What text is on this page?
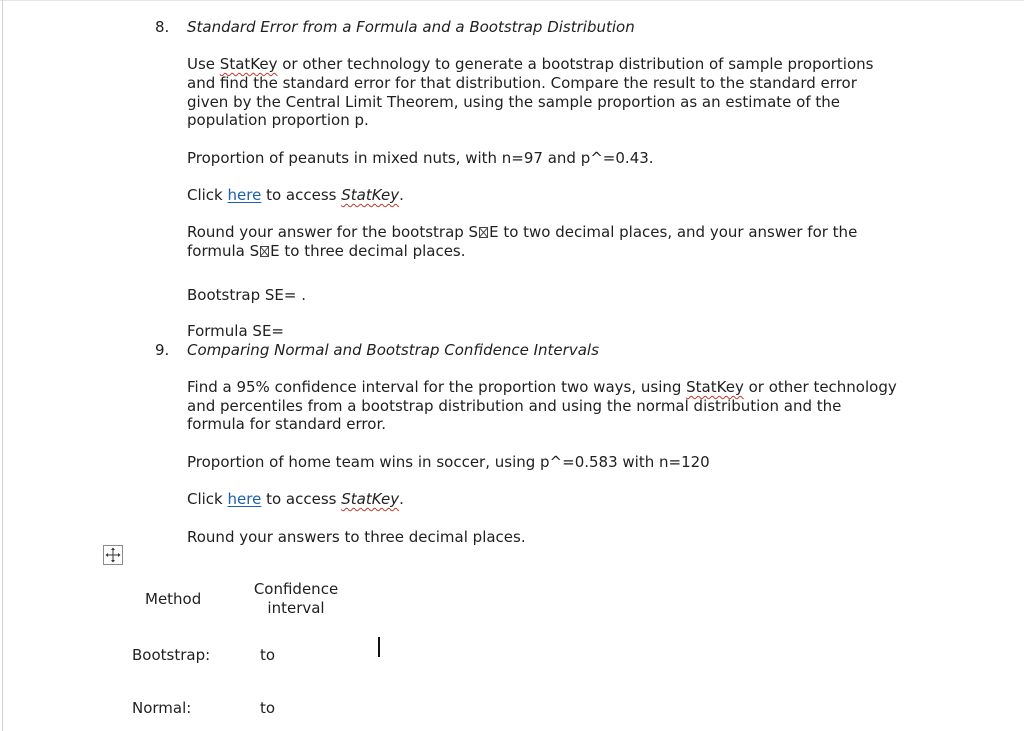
8. Standard Error from a Formula and a Bootstrap Distribution
Use StatKey or other technology to generate a bootstrap distribution of sample proportions
and find the standard error for that distribution. Compare the result to the standard error
given by the Central Limit Theorem, using the sample proportion as an estimate of the
population proportion p.
Proportion of peanuts in mixed nuts, with n=97 and p^=0.43.
Click here to access StatKey.
Round your answer for the bootstrap S E to two decimal places, and your answer for the
formula S E to three decimal places.
Bootstrap SE= .
Formula SE=
9. Comparing Normal and Bootstrap Confidence Intervals
Find a 95% confidence interval for the proportion two ways, using StatKey or other technology
and percentiles from a bootstrap distribution and using the normal distribution and the
formula for standard error.
Proportion of home team wins in soccer, using p^=0.583 with n=120
Click here to access StatKey.
Round your answers to three decimal places.
Method
Confidence
interval
Bootstrap:	to
Normal:	to
